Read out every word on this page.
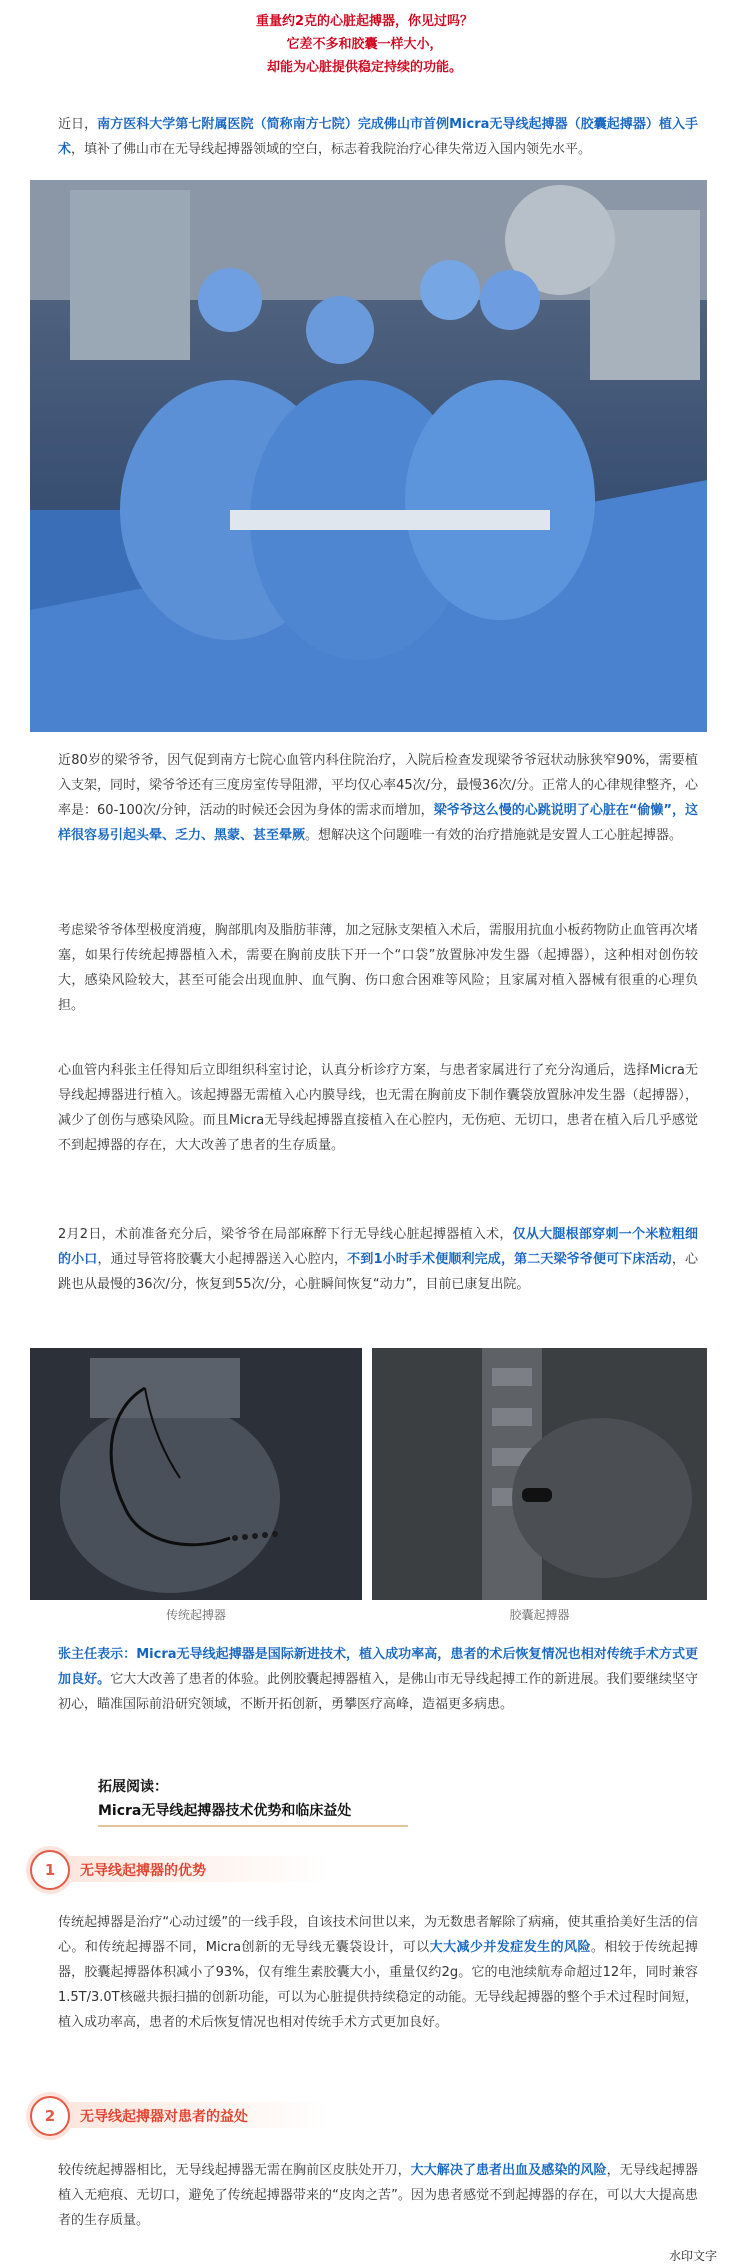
重量约2克的心脏起搏器，你见过吗？
它差不多和胶囊一样大小，
却能为心脏提供稳定持续的功能。
近日，南方医科大学第七附属医院（简称南方七院）完成佛山市首例Micra无导线起搏器（胶囊起搏器）植入手术，填补了佛山市在无导线起搏器领域的空白，标志着我院治疗心律失常迈入国内领先水平。
近80岁的梁爷爷，因气促到南方七院心血管内科住院治疗，入院后检查发现梁爷爷冠状动脉狭窄90%，需要植入支架，同时，梁爷爷还有三度房室传导阻滞，平均仅心率45次/分，最慢36次/分。正常人的心律规律整齐，心率是：60-100次/分钟，活动的时候还会因为身体的需求而增加，梁爷爷这么慢的心跳说明了心脏在“偷懒”，这样很容易引起头晕、乏力、黑蒙、甚至晕厥。想解决这个问题唯一有效的治疗措施就是安置人工心脏起搏器。
考虑梁爷爷体型极度消瘦，胸部肌肉及脂肪菲薄，加之冠脉支架植入术后，需服用抗血小板药物防止血管再次堵塞，如果行传统起搏器植入术，需要在胸前皮肤下开一个“口袋”放置脉冲发生器（起搏器），这种相对创伤较大，感染风险较大，甚至可能会出现血肿、血气胸、伤口愈合困难等风险；且家属对植入器械有很重的心理负担。
心血管内科张主任得知后立即组织科室讨论，认真分析诊疗方案，与患者家属进行了充分沟通后，选择Micra无导线起搏器进行植入。该起搏器无需植入心内膜导线，也无需在胸前皮下制作囊袋放置脉冲发生器（起搏器），减少了创伤与感染风险。而且Micra无导线起搏器直接植入在心腔内，无伤疤、无切口，患者在植入后几乎感觉不到起搏器的存在，大大改善了患者的生存质量。
2月2日，术前准备充分后，梁爷爷在局部麻醉下行无导线心脏起搏器植入术，仅从大腿根部穿刺一个米粒粗细的小口，通过导管将胶囊大小起搏器送入心腔内，不到1小时手术便顺利完成，第二天梁爷爷便可下床活动，心跳也从最慢的36次/分，恢复到55次/分，心脏瞬间恢复“动力”，目前已康复出院。
传统起搏器	胶囊起搏器
张主任表示：Micra无导线起搏器是国际新进技术，植入成功率高，患者的术后恢复情况也相对传统手术方式更加良好。它大大改善了患者的体验。此例胶囊起搏器植入，是佛山市无导线起搏工作的新进展。我们要继续坚守初心，瞄准国际前沿研究领域，不断开拓创新，勇攀医疗高峰，造福更多病患。
拓展阅读：
Micra无导线起搏器技术优势和临床益处
1	无导线起搏器的优势
传统起搏器是治疗“心动过缓”的一线手段，自该技术问世以来，为无数患者解除了病痛，使其重拾美好生活的信心。和传统起搏器不同，Micra创新的无导线无囊袋设计，可以大大减少并发症发生的风险。相较于传统起搏器，胶囊起搏器体积减小了93%，仅有维生素胶囊大小，重量仅约2g。它的电池续航寿命超过12年，同时兼容1.5T/3.0T核磁共振扫描的创新功能，可以为心脏提供持续稳定的动能。无导线起搏器的整个手术过程时间短，植入成功率高，患者的术后恢复情况也相对传统手术方式更加良好。
2	无导线起搏器对患者的益处
较传统起搏器相比，无导线起搏器无需在胸前区皮肤处开刀，大大解决了患者出血及感染的风险，无导线起搏器植入无疤痕、无切口，避免了传统起搏器带来的“皮肉之苦”。因为患者感觉不到起搏器的存在，可以大大提高患者的生存质量。
水印文字
